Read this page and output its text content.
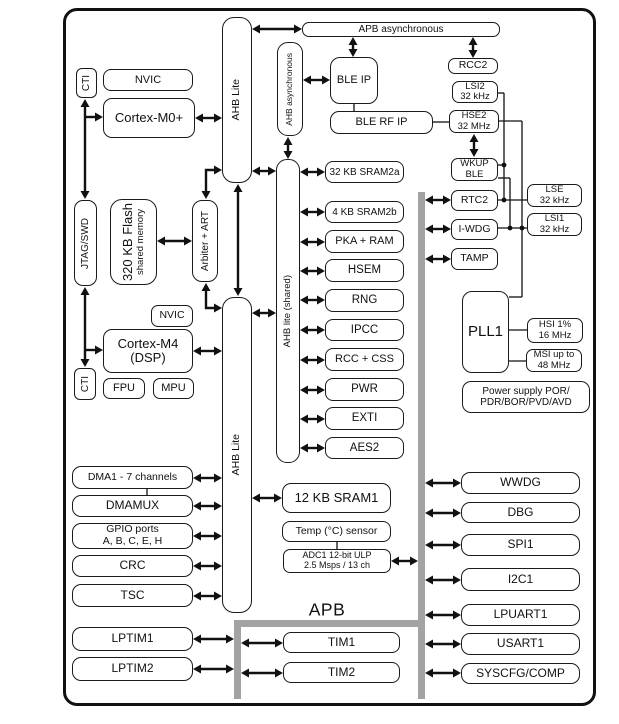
APB
CTI	NVIC
Cortex-M0+
JTAG/SWD 320 KB Flash shared memory	Arbiter + ART
NVIC
Cortex-M4
(DSP)
CTI FPU MPU
AHB Lite	AHB asynchronous
AHB lite (shared)
AHB Lite
APB asynchronous
BLE IP
BLE RF IP
RCC2
LSI2
32 kHz
HSE2
32 MHz
WKUP
BLE
RTC2
I-WDG
TAMP
LSE
32 kHz
LSI1
32 kHz
PLL1	HSI 1%
16 MHz
MSI up to
48 MHz
Power supply POR/
PDR/BOR/PVD/AVD
32 KB SRAM2a
4 KB SRAM2b
PKA + RAM
HSEM
RNG
IPCC
RCC + CSS
PWR
EXTI
AES2
DMA1 - 7 channels
DMAMUX
GPIO ports
A, B, C, E, H
CRC
TSC
LPTIM1
LPTIM2
12 KB SRAM1
Temp (°C) sensor
ADC1 12-bit ULP
2.5 Msps / 13 ch
TIM1
TIM2
WWDG
DBG
SPI1
I2C1
LPUART1
USART1
SYSCFG/COMP
